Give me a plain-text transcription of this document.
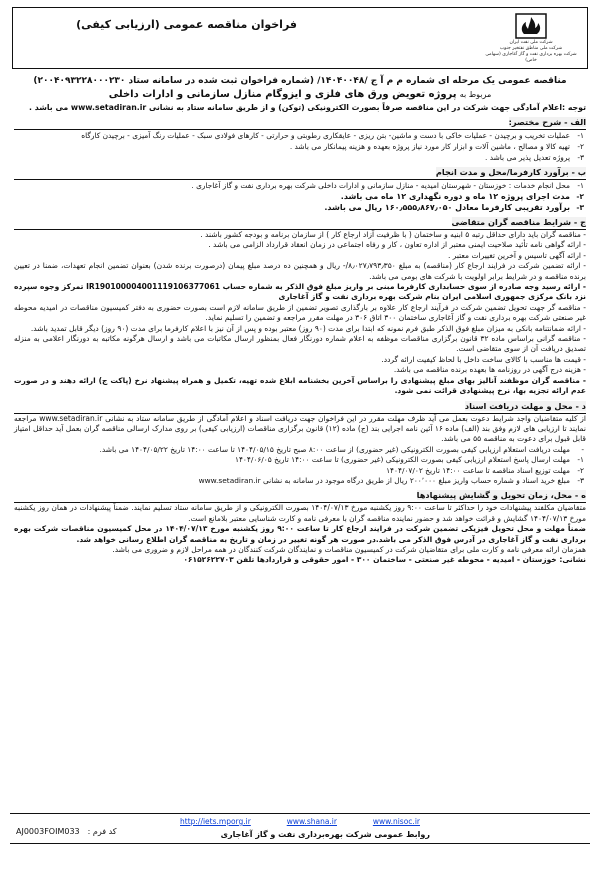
شرکت ملی نفت ایران
شرکت ملی مناطق نفتخیز جنوب
شرکت بهره برداری نفت و گاز آغاجاری (سهامی خاص)
فراخوان مناقصه عمومی (ارزیابی کیفی)
مناقصه عمومی یک مرحله ای شماره م م آ ج /۱۴۰۴۰۰۴۸/ (شماره فراخوان ثبت شده در سامانه ستاد ۲۰۰۴۰۹۳۲۲۸۰۰۰۲۳۰)
مربوط به پروژه تعویض ورق های فلزی و ایزوگام منازل سازمانی و ادارات داخلی
توجه :اعلام آمادگی جهت شرکت در این مناقصه صرفاً بصورت الکترونیکی (توکن) و از طریق سامانه ستاد به نشانی www.setadiran.ir می باشد .
الف - شرح مختصر:
۱-
عملیات تخریب و برچیدن - عملیات خاکی با دست و ماشین- بتن ریزی - عایقکاری رطوبتی و حرارتی - کارهای فولادی سبک - عملیات رنگ آمیزی - برچیدن کارگاه
۲-
تهیه کالا و مصالح ، ماشین آلات و ابزار کار مورد نیاز پروژه بعهده و هزینه پیمانکار می باشد .
۳-
پروژه تعدیل پذیر می باشد .
ب - برآورد کارفرما/محل و مدت انجام
۱-
محل انجام خدمات : خوزستان - شهرستان امیدیه - منازل سازمانی و ادارات داخلی شرکت بهره برداری نفت و گاز آغاجاری .
۲-
مدت اجرای پروژه ۱۲ ماه و دوره نگهداری ۱۲ ماه می باشد.
۳-
برآورد تقریبی کارفرما معادل ۱۶۰٫۵۵۵٫۸۶۷٫۰۵۰ ریال می باشد.
ج - شرایط مناقصه گران متقاضی
- مناقصه گران باید دارای حداقل رتبه ۵ ابنیه و ساختمان ( با ظرفیت آزاد ارجاع کار ) از سازمان برنامه و بودجه کشور باشند .
- ارائه گواهی نامه تأئید صلاحیت ایمنی معتبر از اداره تعاون ، کار و رفاه اجتماعی در زمان انعقاد قرارداد الزامی می باشد .
- ارائه آگهی تاسیس و آخرین تغییرات معتبر .
- ارائه تضمین شرکت در فرایند ارجاع کار (مناقصه) به مبلغ ۸٫۰۲۷٫۷۹۳٫۳۵۰/- ریال و همچنین ده درصد مبلغ پیمان (درصورت برنده شدن) بعنوان تضمین انجام تعهدات، ضمنا در تعیین برنده مناقصه و در شرایط برابر اولویت با شرکت های بومی می باشد.
- ارائه رسید وجه صادره از سوی حسابداری کارفرما مبنی بر واریز مبلغ فوق الذکر به شماره حساب IR190100004001119106377061 تمرکز وجوه سپرده نزد بانک مرکزی جمهوری اسلامی ایران بنام شرکت بهره برداری نفت و گاز آغاجاری
- مناقصه گر جهت تحویل تضمین شرکت در فرآیند ارجاع کار علاوه بر بارگذاری تصویر تضمین از طریق سامانه لازم است بصورت حضوری به دفتر کمیسیون مناقصات در امیدیه محوطه غیر صنعتی شرکت بهره برداری نفت و گاز آغاجاری ساختمان ۳۰۰ اتاق ۳۰۶ در مهلت مقرر مراجعه و تضمین را تسلیم نماید.
- ارائه ضمانتنامه بانکی به میزان مبلغ فوق الذکر طبق فرم نمونه که ابتدا برای مدت (۹۰ روز) معتبر بوده و پس از آن نیز با اعلام کارفرما برای مدت (۹۰ روز) دیگر قابل تمدید باشد.
- مناقصه گرانی براساس ماده ۳۲ قانون برگزاری مناقصات موظفه به اعلام شماره دورنگار فعال بمنظور ارسال مکاتبات می باشد و ارسال هرگونه مکاتبه به دورنگار اعلامی به منزله تصدیق دریافت آن از سوی متقاضی است.
- قیمت ها مناسب با کالای ساخت داخل با لحاظ کیفیت ارائه گردد.
- هزینه درج آگهی در روزنامه ها بعهده برنده مناقصه می باشد.
- مناقصه گران موظفند آنالیز بهای مبلغ پیشنهادی را براساس آخرین بخشنامه ابلاغ شده تهیه، تکمیل و همراه پیشنهاد نرخ (پاکت ج) ارائه دهند و در صورت عدم ارائه تجزیه بها، نرخ پیشنهادی قرائت نمی شود.
د - محل و مهلت دریافت اسناد
از کلیه متقاضیان واجد شرایط دعوت بعمل می آید ظرف مهلت مقرر در این فراخوان جهت دریافت اسناد و اعلام آمادگی از طریق سامانه ستاد به نشانی www.setadiran.ir مراجعه نمایند تا ارزیابی های لازم وفق بند (الف) ماده ۱۶ آئین نامه اجرایی بند (ج) ماده (۱۲) قانون برگزاری مناقصات (ارزیابی کیفی) بر روی مدارک ارسالی مناقصه گران بعمل آید حداقل امتیاز قابل قبول برای دعوت به مناقصه ۵۵ می باشد.
-
مهلت دریافت استعلام ارزیابی کیفی بصورت الکترونیکی (غیر حضوری) از ساعت ۸:۰۰ صبح تاریخ ۱۴۰۴/۰۵/۱۵ تا ساعت ۱۴:۰۰ تاریخ ۱۴۰۴/۰۵/۲۲ می باشد.
۱-
مهلت ارسال پاسخ استعلام ارزیابی کیفی بصورت الکترونیکی (غیر حضوری) تا ساعت ۱۴:۰۰ تاریخ ۱۴۰۴/۰۶/۰۵
۲-
مهلت توزیع اسناد مناقصه تا ساعت ۱۴:۰۰ تاریخ ۱۴۰۴/۰۷/۰۲
۳-
مبلغ خرید اسناد و شماره حساب واریز مبلغ ۲۰۰٬۰۰۰ ریال از طریق درگاه موجود در سامانه به نشانی www.setadiran.ir
ه - محل، زمان تحویل و گشایش پیشنهادها
متقاضیان مکلفند پیشنهادات خود را حداکثر تا ساعت ۹:۰۰ روز یکشنبه مورخ ۱۴۰۴/۰۷/۱۳ بصورت الکترونیکی و از طریق سامانه ستاد تسلیم نمایند. ضمناً پیشنهادات در همان روز یکشنبه مورخ ۱۴۰۴/۰۷/۱۳ گشایش و قرائت خواهد شد و حضور نماینده مناقصه گران با معرفی نامه و کارت شناسایی معتبر بلامانع است.
ضمناً مهلت و محل تحویل فیزیکی تضمین شرکت در فرایند ارجاع کار تا ساعت ۹:۰۰ روز یکشنبه مورخ ۱۴۰۴/۰۷/۱۳ در محل کمیسیون مناقصات شرکت بهره برداری نفت و گاز آغاجاری در آدرس فوق الذکر می باشد.در صورت هر گونه تغییر در زمان و تاریخ به مناقصه گران اطلاع رسانی خواهد شد.
همزمان ارائه معرفی نامه و کارت ملی برای متقاضیان شرکت در کمیسیون مناقصات و نمایندگان شرکت کنندگان در همه مراحل لازم و ضروری می باشد.
نشانی: خوزستان - امیدیه - محوطه غیر صنعتی - ساختمان ۳۰۰ - امور حقوقی و قراردادها تلفن ۰۶۱۵۲۶۲۲۷۰۳
http://iets.mporg.ir	www.shana.ir	www.nisoc.ir
روابط عمومی شرکت بهره‌برداری نفت و گاز آغاجاری
AJ0003FOIM033 کد فرم :
